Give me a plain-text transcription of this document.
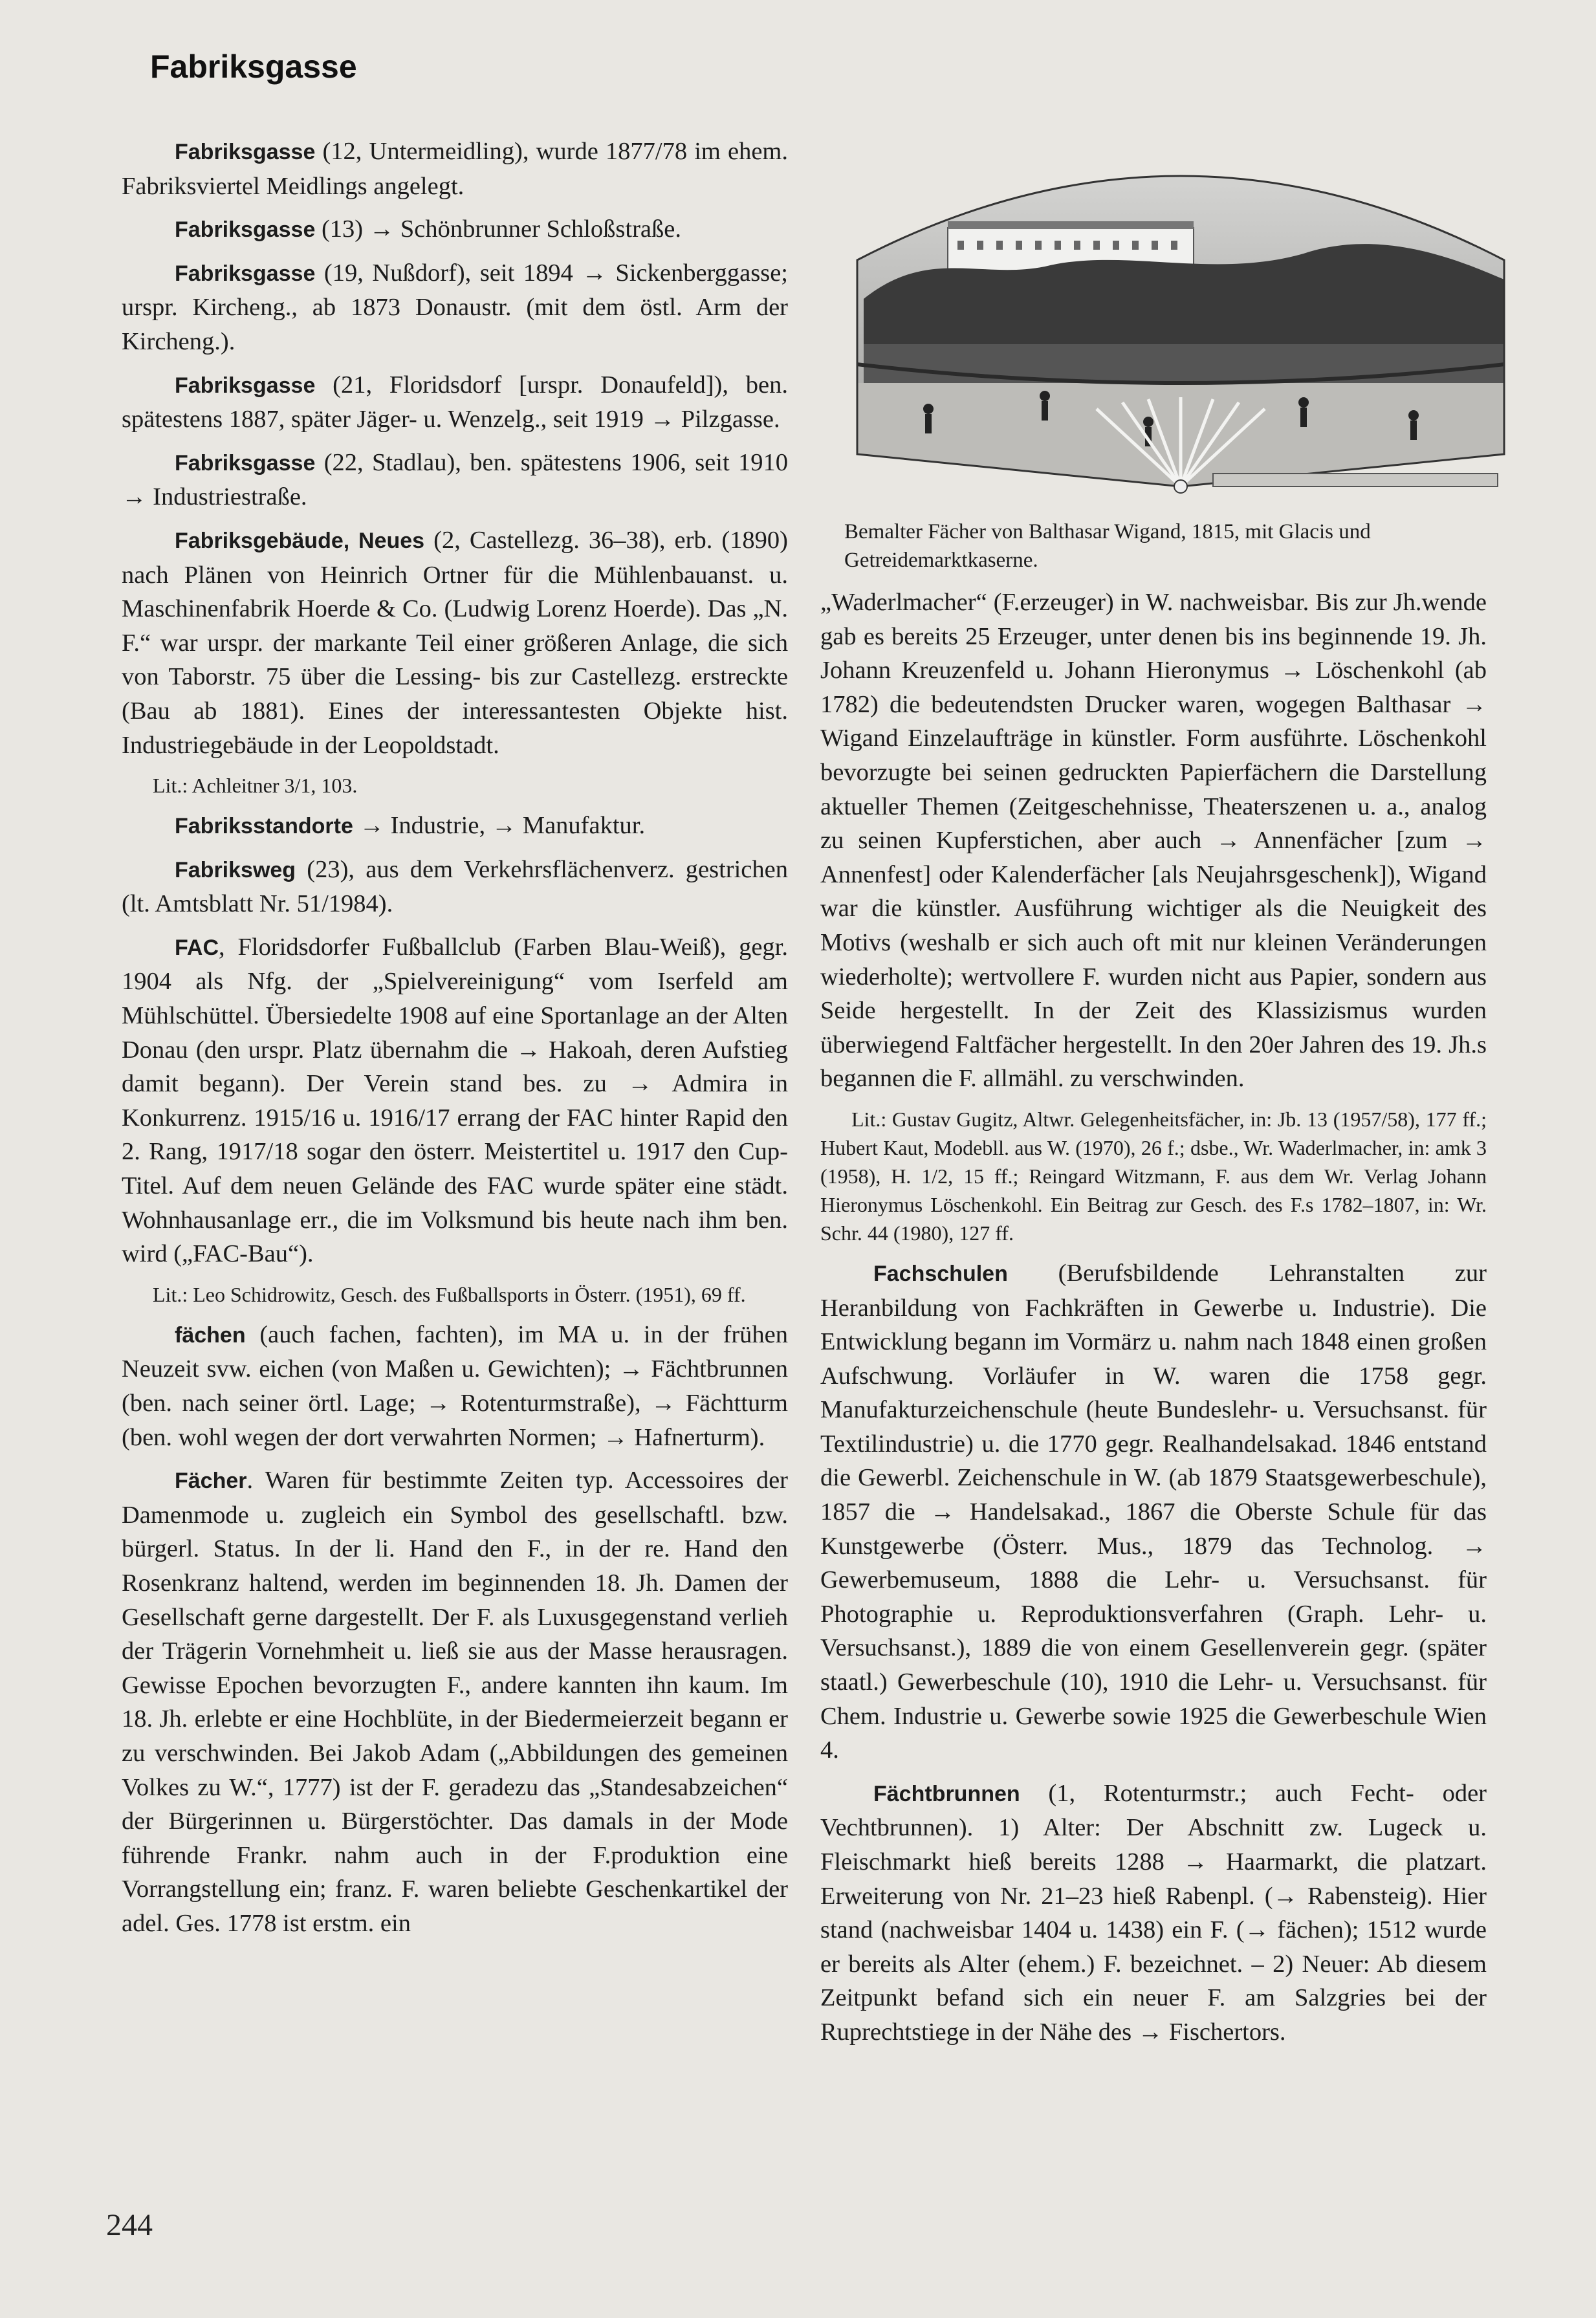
Fabriksgasse
Bemalter Fächer von Balthasar Wigand, 1815, mit Glacis und Getreidemarktkaserne.

Fabriksgasse (12, Untermeidling), wurde 1877/78 im ehem. Fabriksviertel Meidlings angelegt.

Fabriksgasse (13) → Schönbrunner Schloßstraße.

Fabriksgasse (19, Nußdorf), seit 1894 → Sickenberggasse; urspr. Kircheng., ab 1873 Donaustr. (mit dem östl. Arm der Kircheng.).

Fabriksgasse (21, Floridsdorf [urspr. Donaufeld]), ben. spätestens 1887, später Jäger- u. Wenzelg., seit 1919 → Pilzgasse.

Fabriksgasse (22, Stadlau), ben. spätestens 1906, seit 1910 → Industriestraße.

Fabriksgebäude, Neues (2, Castellezg. 36–38), erb. (1890) nach Plänen von Heinrich Ortner für die Mühlenbauanst. u. Maschinenfabrik Hoerde & Co. (Ludwig Lorenz Hoerde). Das „N. F.“ war urspr. der markante Teil einer größeren Anlage, die sich von Taborstr. 75 über die Lessing- bis zur Castellezg. erstreckte (Bau ab 1881). Eines der interessantesten Objekte hist. Industriegebäude in der Leopoldstadt.

Lit.: Achleitner 3/1, 103.

Fabriksstandorte → Industrie, → Manufaktur.

Fabriksweg (23), aus dem Verkehrsflächenverz. gestrichen (lt. Amtsblatt Nr. 51/1984).

FAC, Floridsdorfer Fußballclub (Farben Blau-Weiß), gegr. 1904 als Nfg. der „Spielvereinigung“ vom Iserfeld am Mühlschüttel. Übersiedelte 1908 auf eine Sportanlage an der Alten Donau (den urspr. Platz übernahm die → Hakoah, deren Aufstieg damit begann). Der Verein stand bes. zu → Admira in Konkurrenz. 1915/16 u. 1916/17 errang der FAC hinter Rapid den 2. Rang, 1917/18 sogar den österr. Meistertitel u. 1917 den Cup-Titel. Auf dem neuen Gelände des FAC wurde später eine städt. Wohnhausanlage err., die im Volksmund bis heute nach ihm ben. wird („FAC-Bau“).

Lit.: Leo Schidrowitz, Gesch. des Fußballsports in Österr. (1951), 69 ff.

fächen (auch fachen, fachten), im MA u. in der frühen Neuzeit svw. eichen (von Maßen u. Gewichten); → Fächtbrunnen (ben. nach seiner örtl. Lage; → Rotenturmstraße), → Fächtturm (ben. wohl wegen der dort verwahrten Normen; → Hafnerturm).

Fächer. Waren für bestimmte Zeiten typ. Accessoires der Damenmode u. zugleich ein Symbol des gesellschaftl. bzw. bürgerl. Status. In der li. Hand den F., in der re. Hand den Rosenkranz haltend, werden im beginnenden 18. Jh. Damen der Gesellschaft gerne dargestellt. Der F. als Luxusgegenstand verlieh der Trägerin Vornehmheit u. ließ sie aus der Masse herausragen. Gewisse Epochen bevorzugten F., andere kannten ihn kaum. Im 18. Jh. erlebte er eine Hochblüte, in der Biedermeierzeit begann er zu verschwinden. Bei Jakob Adam („Abbildungen des gemeinen Volkes zu W.“, 1777) ist der F. geradezu das „Standesabzeichen“ der Bürgerinnen u. Bürgerstöchter. Das damals in der Mode führende Frankr. nahm auch in der F.produktion eine Vorrangstellung ein; franz. F. waren beliebte Geschenkartikel der adel. Ges. 1778 ist erstm. ein

„Waderlmacher“ (F.erzeuger) in W. nachweisbar. Bis zur Jh.wende gab es bereits 25 Erzeuger, unter denen bis ins beginnende 19. Jh. Johann Kreuzenfeld u. Johann Hieronymus → Löschenkohl (ab 1782) die bedeutendsten Drucker waren, wogegen Balthasar → Wigand Einzelaufträge in künstler. Form ausführte. Löschenkohl bevorzugte bei seinen gedruckten Papierfächern die Darstellung aktueller Themen (Zeitgeschehnisse, Theaterszenen u. a., analog zu seinen Kupferstichen, aber auch → Annenfächer [zum → Annenfest] oder Kalenderfächer [als Neujahrsgeschenk]), Wigand war die künstler. Ausführung wichtiger als die Neuigkeit des Motivs (weshalb er sich auch oft mit nur kleinen Veränderungen wiederholte); wertvollere F. wurden nicht aus Papier, sondern aus Seide hergestellt. In der Zeit des Klassizismus wurden überwiegend Faltfächer hergestellt. In den 20er Jahren des 19. Jh.s begannen die F. allmähl. zu verschwinden.

Lit.: Gustav Gugitz, Altwr. Gelegenheitsfächer, in: Jb. 13 (1957/58), 177 ff.; Hubert Kaut, Modebll. aus W. (1970), 26 f.; dsbe., Wr. Waderlmacher, in: amk 3 (1958), H. 1/2, 15 ff.; Reingard Witzmann, F. aus dem Wr. Verlag Johann Hieronymus Löschenkohl. Ein Beitrag zur Gesch. des F.s 1782–1807, in: Wr. Schr. 44 (1980), 127 ff.

Fachschulen (Berufsbildende Lehranstalten zur Heranbildung von Fachkräften in Gewerbe u. Industrie). Die Entwicklung begann im Vormärz u. nahm nach 1848 einen großen Aufschwung. Vorläufer in W. waren die 1758 gegr. Manufakturzeichenschule (heute Bundeslehr- u. Versuchsanst. für Textilindustrie) u. die 1770 gegr. Realhandelsakad. 1846 entstand die Gewerbl. Zeichenschule in W. (ab 1879 Staatsgewerbeschule), 1857 die → Handelsakad., 1867 die Oberste Schule für das Kunstgewerbe (Österr. Mus., 1879 das Technolog. → Gewerbemuseum, 1888 die Lehr- u. Versuchsanst. für Photographie u. Reproduktionsverfahren (Graph. Lehr- u. Versuchsanst.), 1889 die von einem Gesellenverein gegr. (später staatl.) Gewerbeschule (10), 1910 die Lehr- u. Versuchsanst. für Chem. Industrie u. Gewerbe sowie 1925 die Gewerbeschule Wien 4.

Fächtbrunnen (1, Rotenturmstr.; auch Fecht- oder Vechtbrunnen). 1) Alter: Der Abschnitt zw. Lugeck u. Fleischmarkt hieß bereits 1288 → Haarmarkt, die platzart. Erweiterung von Nr. 21–23 hieß Rabenpl. (→ Rabensteig). Hier stand (nachweisbar 1404 u. 1438) ein F. (→ fächen); 1512 wurde er bereits als Alter (ehem.) F. bezeichnet. – 2) Neuer: Ab diesem Zeitpunkt befand sich ein neuer F. am Salzgries bei der Ruprechtstiege in der Nähe des → Fischertors.

244
